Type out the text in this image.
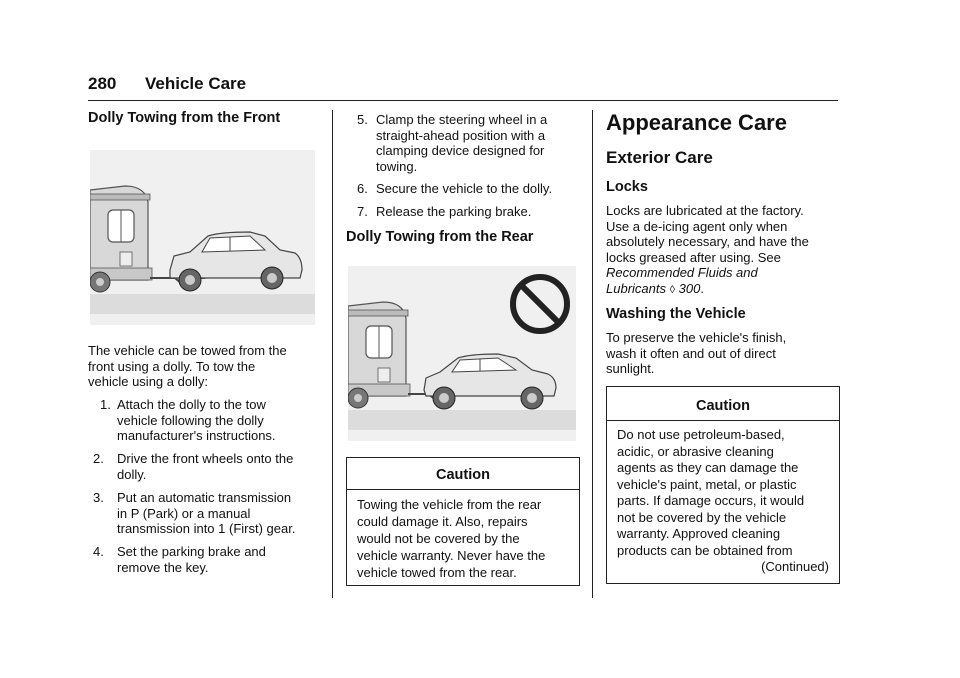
280 Vehicle Care
Dolly Towing from the Front

The vehicle can be towed from the

front using a dolly. To tow the

vehicle using a dolly:

1. Attach the dolly to the tow
vehicle following the dolly
manufacturer's instructions.
2. Drive the front wheels onto the
dolly.
3. Put an automatic transmission
in P (Park) or a manual
transmission into 1 (First) gear.
4. Set the parking brake and
remove the key.
5. Clamp the steering wheel in a
straight-ahead position with a
clamping device designed for
towing.
6. Secure the vehicle to the dolly.
7. Release the parking brake.
Dolly Towing from the Rear
Caution
Towing the vehicle from the rear
could damage it. Also, repairs
would not be covered by the
vehicle warranty. Never have the
vehicle towed from the rear.
Appearance Care
Exterior Care
Locks

Locks are lubricated at the factory.

Use a de-icing agent only when

absolutely necessary, and have the

locks greased after using. See

Recommended Fluids and

Lubricants ◊ 300.

Washing the Vehicle

To preserve the vehicle's finish,

wash it often and out of direct

sunlight.

Caution
Do not use petroleum-based,
acidic, or abrasive cleaning
agents as they can damage the
vehicle's paint, metal, or plastic
parts. If damage occurs, it would
not be covered by the vehicle
warranty. Approved cleaning
products can be obtained from
(Continued)
